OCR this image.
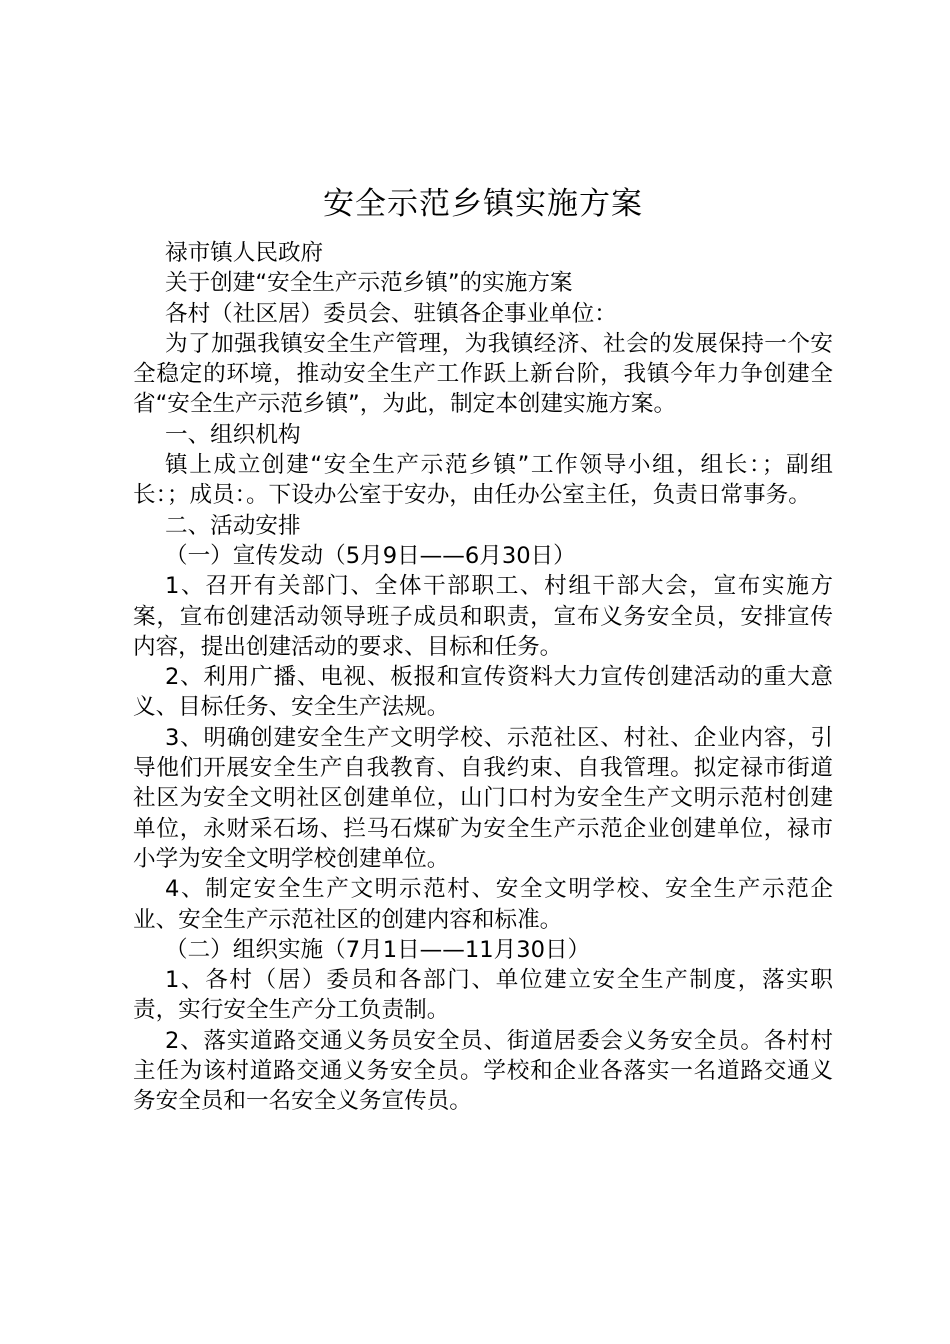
安全示范乡镇实施方案

禄市镇人民政府

关于创建“安全生产示范乡镇”的实施方案

各村（社区居）委员会、驻镇各企事业单位：

为了加强我镇安全生产管理，为我镇经济、社会的发展保持一个安全稳定的环境，推动安全生产工作跃上新台阶，我镇今年力争创建全省“安全生产示范乡镇”，为此，制定本创建实施方案。

一、组织机构

镇上成立创建“安全生产示范乡镇”工作领导小组，组长：；副组长：；成员：。下设办公室于安办，由任办公室主任，负责日常事务。

二、活动安排

（一）宣传发动（5月9日——6月30日）

1、召开有关部门、全体干部职工、村组干部大会，宣布实施方案，宣布创建活动领导班子成员和职责，宣布义务安全员，安排宣传内容，提出创建活动的要求、目标和任务。

2、利用广播、电视、板报和宣传资料大力宣传创建活动的重大意义、目标任务、安全生产法规。

3、明确创建安全生产文明学校、示范社区、村社、企业内容，引导他们开展安全生产自我教育、自我约束、自我管理。拟定禄市街道社区为安全文明社区创建单位，山门口村为安全生产文明示范村创建单位，永财采石场、拦马石煤矿为安全生产示范企业创建单位，禄市小学为安全文明学校创建单位。

4、制定安全生产文明示范村、安全文明学校、安全生产示范企业、安全生产示范社区的创建内容和标准。

（二）组织实施（7月1日——11月30日）

1、各村（居）委员和各部门、单位建立安全生产制度，落实职责，实行安全生产分工负责制。

2、落实道路交通义务员安全员、街道居委会义务安全员。各村村主任为该村道路交通义务安全员。学校和企业各落实一名道路交通义务安全员和一名安全义务宣传员。
